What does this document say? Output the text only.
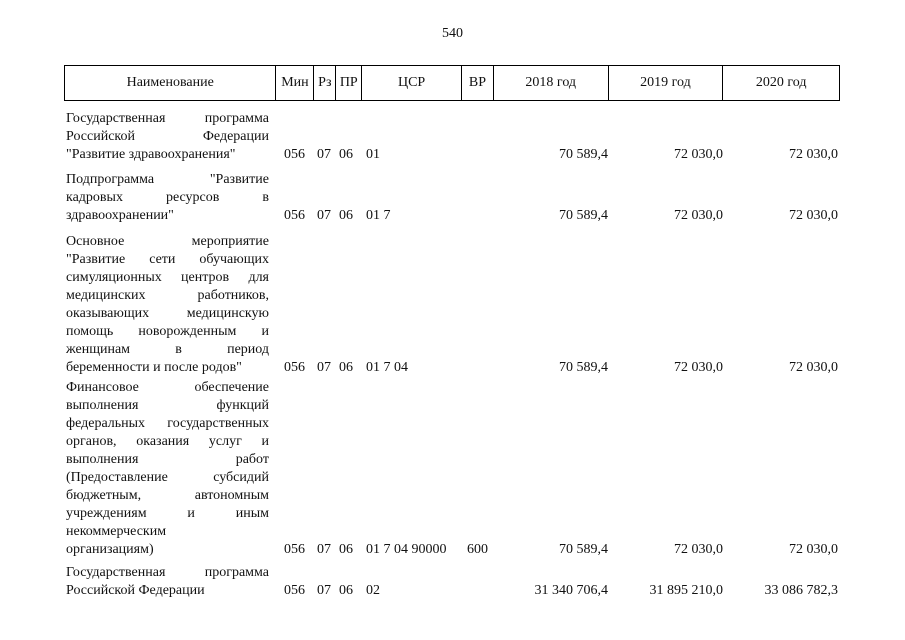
540
Наименование	Мин Рз ПР	ЦСР	ВР	2018 год	2019 год	2020 год
Государственная программа
Российской Федерации
"Развитие здравоохранения"	056 07 06 01	70 589,4	72 030,0	72 030,0
Подпрограмма "Развитие
кадровых ресурсов в
здравоохранении"	056 07 06 01 7	70 589,4	72 030,0	72 030,0
Основное мероприятие
"Развитие сети обучающих
симуляционных центров для
медицинских работников,
оказывающих медицинскую
помощь новорожденным и
женщинам в период
беременности и после родов"	056 07 06 01 7 04	70 589,4	72 030,0	72 030,0
Финансовое обеспечение
выполнения функций
федеральных государственных
органов, оказания услуг и
выполнения работ
(Предоставление субсидий
бюджетным, автономным
учреждениям и иным
некоммерческим
организациям)	056 07 06 01 7 04 90000 600	70 589,4	72 030,0	72 030,0
Государственная программа
Российской Федерации	056 07 06 02	31 340 706,4	31 895 210,0	33 086 782,3
